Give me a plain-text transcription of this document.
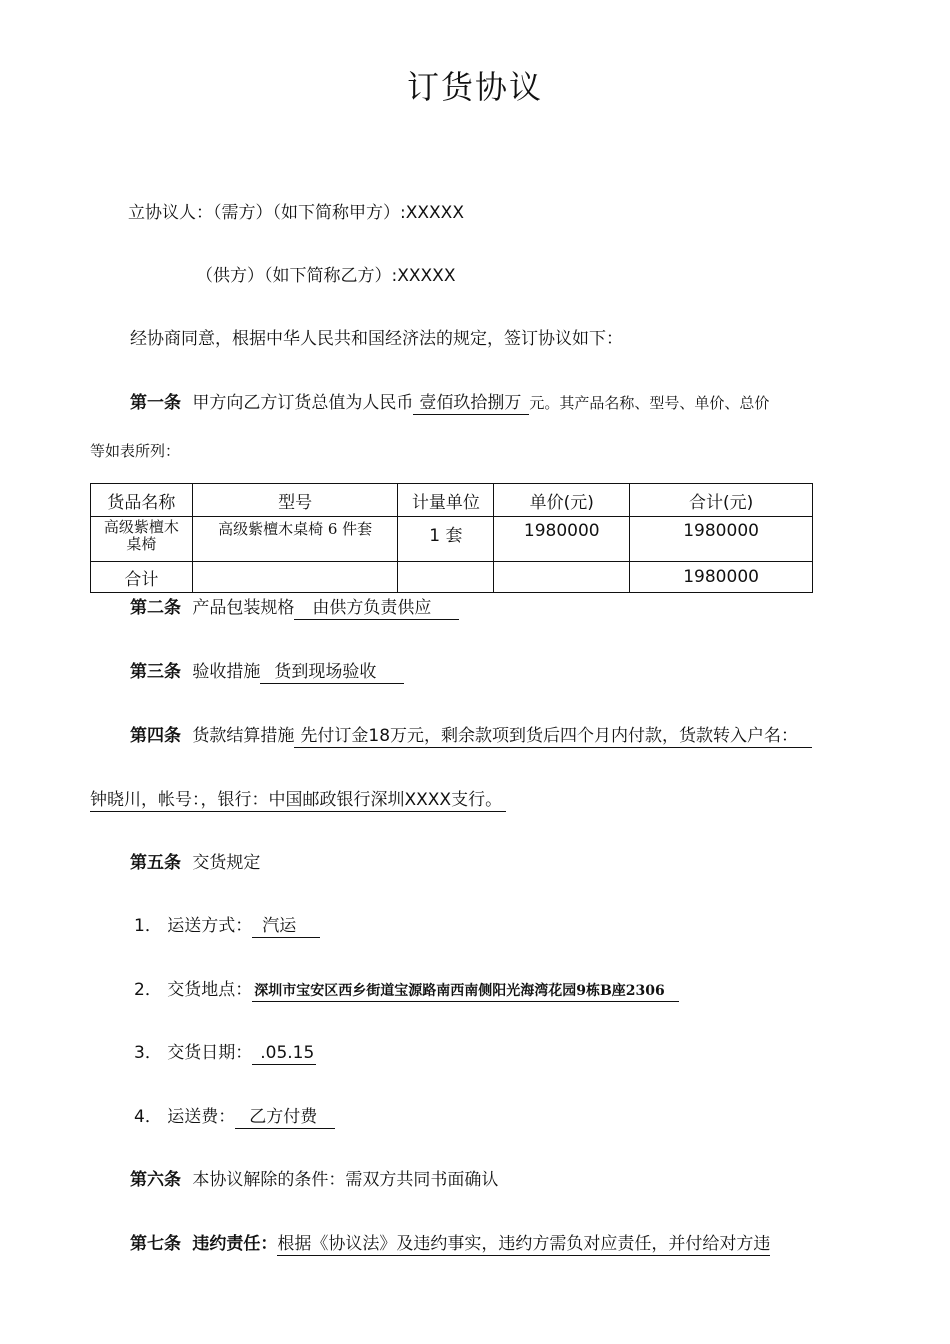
订货协议
立协议人：（需方）（如下简称甲方）:XXXXX
（供方）（如下简称乙方）:XXXXX
经协商同意，根据中华人民共和国经济法的规定，签订协议如下：
第一条 甲方向乙方订货总值为人民币 壹佰玖拾捌万 元。其产品名称、型号、单价、总价
等如表所列：
货品名称	型号	计量单位	单价(元)	合计(元)

高级紫檀木桌椅	高级紫檀木桌椅 6 件套	1 套	1980000	1980000
合计				1980000
第二条 产品包装规格 由供方负责供应
第三条 验收措施 货到现场验收
第四条 货款结算措施 先付订金18万元，剩余款项到货后四个月内付款，货款转入户名：
钟晓川，帐号：，银行：中国邮政银行深圳XXXX支行。
第五条 交货规定
1． 运送方式： 汽运
2． 交货地点： 深圳市宝安区西乡街道宝源路南西南侧阳光海湾花园9栋B座2306
3． 交货日期： .05.15
4． 运送费： 乙方付费
第六条 本协议解除的条件：需双方共同书面确认
第七条 违约责任：根据《协议法》及违约事实，违约方需负对应责任，并付给对方违
